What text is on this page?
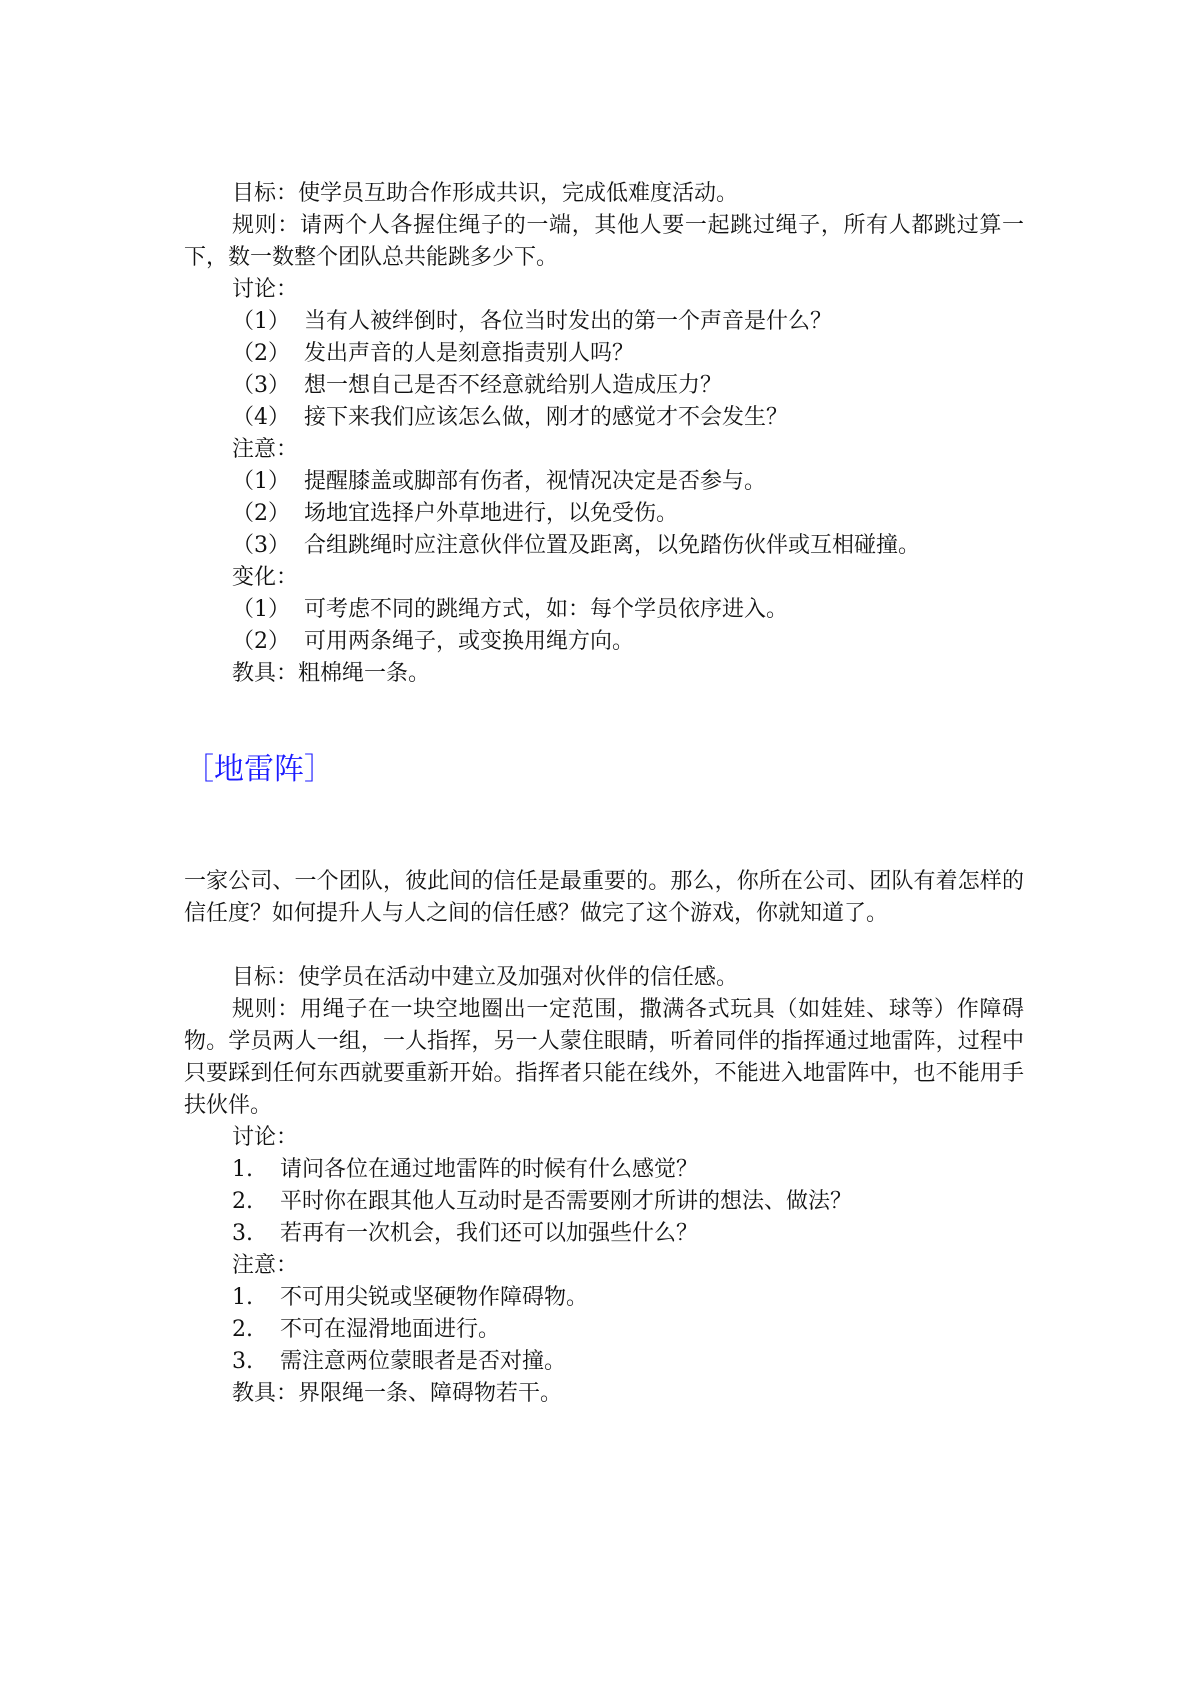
目标：使学员互助合作形成共识，完成低难度活动。
规则：请两个人各握住绳子的一端，其他人要一起跳过绳子，所有人都跳过算一下，数一数整个团队总共能跳多少下。
讨论：
（1） 当有人被绊倒时，各位当时发出的第一个声音是什么？
（2） 发出声音的人是刻意指责别人吗？
（3） 想一想自己是否不经意就给别人造成压力？
（4） 接下来我们应该怎么做，刚才的感觉才不会发生？
注意：
（1） 提醒膝盖或脚部有伤者，视情况决定是否参与。
（2） 场地宜选择户外草地进行，以免受伤。
（3） 合组跳绳时应注意伙伴位置及距离，以免踏伤伙伴或互相碰撞。
变化：
（1） 可考虑不同的跳绳方式，如：每个学员依序进入。
（2） 可用两条绳子，或变换用绳方向。
教具：粗棉绳一条。
［地雷阵］
一家公司、一个团队，彼此间的信任是最重要的。那么，你所在公司、团队有着怎样的信任度？如何提升人与人之间的信任感？做完了这个游戏，你就知道了。
目标：使学员在活动中建立及加强对伙伴的信任感。
规则：用绳子在一块空地圈出一定范围，撒满各式玩具（如娃娃、球等）作障碍物。学员两人一组，一人指挥，另一人蒙住眼睛，听着同伴的指挥通过地雷阵，过程中只要踩到任何东西就要重新开始。指挥者只能在线外，不能进入地雷阵中，也不能用手扶伙伴。
讨论：
1.	请问各位在通过地雷阵的时候有什么感觉？
2.	平时你在跟其他人互动时是否需要刚才所讲的想法、做法？
3.	若再有一次机会，我们还可以加强些什么？
注意：
1.	不可用尖锐或坚硬物作障碍物。
2.	不可在湿滑地面进行。
3.	需注意两位蒙眼者是否对撞。
教具：界限绳一条、障碍物若干。
